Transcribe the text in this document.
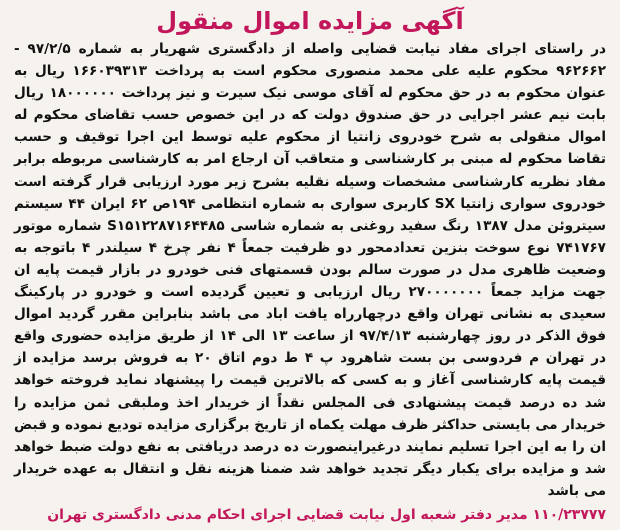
آگهی مزایده اموال منقول

در راستای اجرای مفاد نیابت قضایی واصله از دادگستری شهریار به شماره ۹۷/۲/۵ - ۹۶۲۶۶۲ محکوم علیه علی محمد منصوری محکوم است به پرداخت ۱۶۶۰۳۹۳۱۳ ریال به عنوان محکوم به در حق محکوم له آقای موسی نیک سیرت و نیز پرداخت ۱۸۰۰۰۰۰۰ ریال بابت نیم عشر اجرایی در حق صندوق دولت که در این خصوص حسب تقاضای محکوم له اموال منقولی به شرح خودروی زانتیا از محکوم علیه توسط این اجرا توقیف و حسب تقاضا محکوم له مبنی بر کارشناسی و متعاقب آن ارجاع امر به کارشناسی مربوطه برابر مفاد نظریه کارشناسی مشخصات وسیله نقلیه بشرح زیر مورد ارزیابی قرار گرفته است خودروی سواری زانتیا SX کاربری سواری به شماره انتظامی ۱۹۴ص ۶۲ ایران ۴۴ سیستم سیتروئن مدل ۱۳۸۷ رنگ سفید روغنی به شماره شاسی S۱۵۱۲۲۸۷۱۶۴۴۸۵ شماره موتور ۷۴۱۷۶۷ نوع سوخت بنزین تعدادمحور دو ظرفیت جمعاً ۴ نفر چرخ ۴ سیلندر ۴ باتوجه به وضعیت ظاهری مدل در صورت سالم بودن قسمتهای فنی خودرو در بازار قیمت پایه ان جهت مزاید جمعاً ۲۷۰۰۰۰۰۰۰ ریال ارزیابی و تعیین گردیده است و خودرو در پارکینگ سعیدی به نشانی تهران واقع درچهارراه یافت اباد می باشد بنابراین مقرر گردید اموال فوق الذکر در روز چهارشنبه ۹۷/۴/۱۳ از ساعت ۱۳ الی ۱۴ از طریق مزایده حضوری واقع در تهران م فردوسی بن بست شاهرود پ ۴ ط دوم اتاق ۲۰ به فروش برسد مزایده از قیمت پایه کارشناسی آغاز و به کسی که بالاترین قیمت را پیشنهاد نماید فروخته خواهد شد ده درصد قیمت پیشنهادی فی المجلس نقداً از خریدار اخذ وملبقی ثمن مزایده را خریدار می بایستی حداکثر ظرف مهلت یکماه از تاریخ برگزاری مزایده تودیع نموده و قبض ان را به این اجرا تسلیم نمایند درغیراینصورت ده درصد دریافتی به نفع دولت ضبط خواهد شد و مزایده برای یکبار دیگر تجدید خواهد شد ضمنا هزینه نقل و انتقال به عهده خریدار می باشد

۱۱۰/۲۳۷۷۷ مدیر دفتر شعبه اول نیابت قضایی اجرای احکام مدنی دادگستری تهران
